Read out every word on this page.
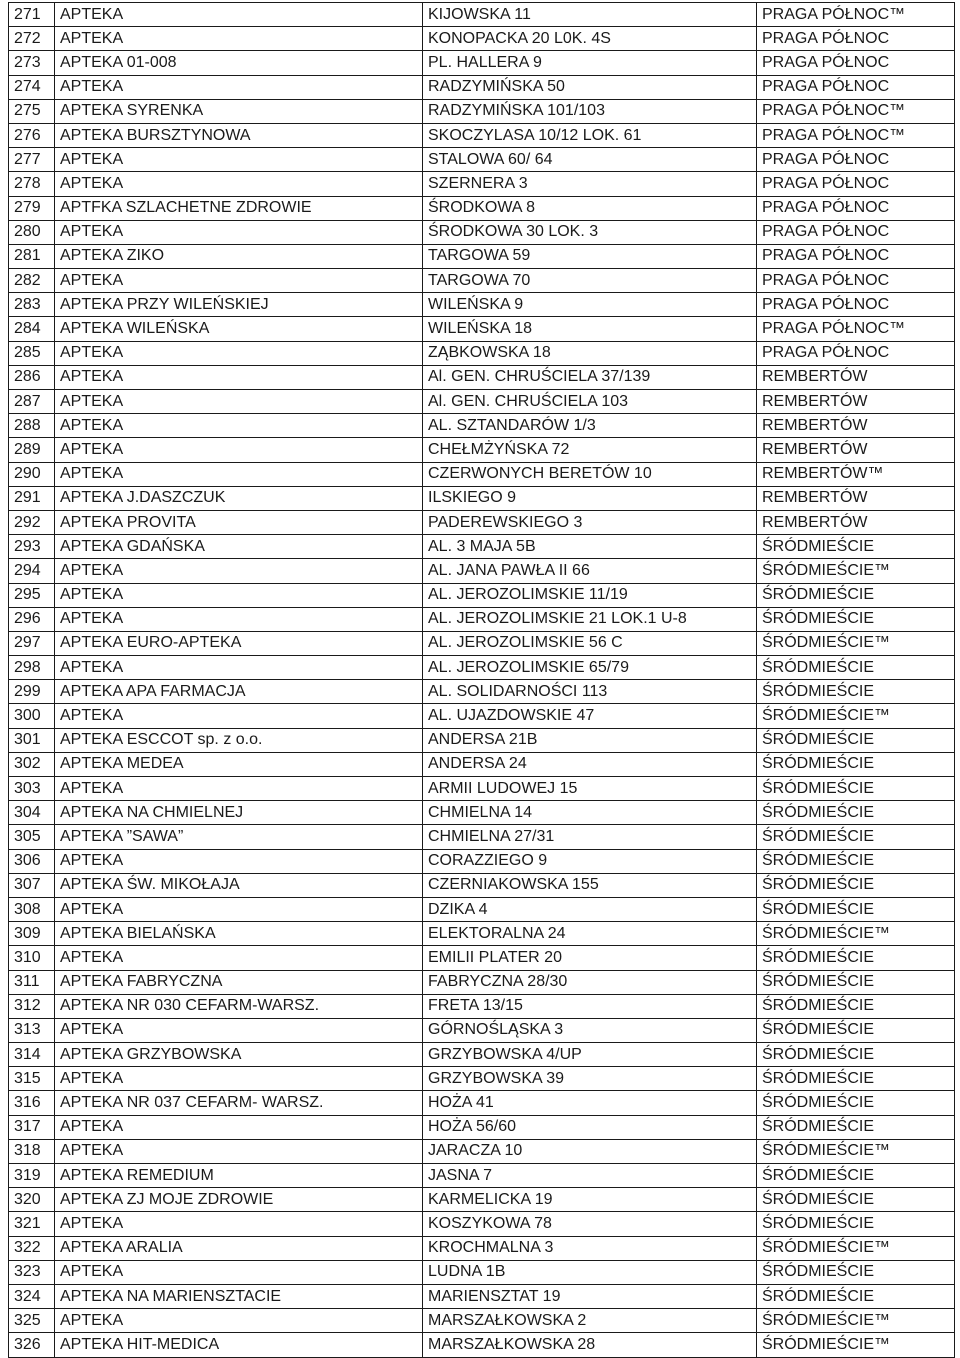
271	APTEKA	KIJOWSKA 11	PRAGA PÓŁNOC™
272	APTEKA	KONOPACKA 20 L0K. 4S	PRAGA PÓŁNOC
273	APTEKA 01-008	PL. HALLERA 9	PRAGA PÓŁNOC
274	APTEKA	RADZYMIŃSKA 50	PRAGA PÓŁNOC
275	APTEKA SYRENKA	RADZYMIŃSKA 101/103	PRAGA PÓŁNOC™
276	APTEKA BURSZTYNOWA	SKOCZYLASA 10/12 LOK. 61	PRAGA PÓŁNOC™
277	APTEKA	STALOWA 60/ 64	PRAGA PÓŁNOC
278	APTEKA	SZERNERA 3	PRAGA PÓŁNOC
279	APTFKA SZLACHETNE ZDROWIE	ŚRODKOWA 8	PRAGA PÓŁNOC
280	APTEKA	ŚRODKOWA 30 LOK. 3	PRAGA PÓŁNOC
281	APTEKA ZIKO	TARGOWA 59	PRAGA PÓŁNOC
282	APTEKA	TARGOWA 70	PRAGA PÓŁNOC
283	APTEKA PRZY WILEŃSKIEJ	WILEŃSKA 9	PRAGA PÓŁNOC
284	APTEKA WILEŃSKA	WILEŃSKA 18	PRAGA PÓŁNOC™
285	APTEKA	ZĄBKOWSKA 18	PRAGA PÓŁNOC
286	APTEKA	Al. GEN. CHRUŚCIELA 37/139	REMBERTÓW
287	APTEKA	Al. GEN. CHRUŚCIELA 103	REMBERTÓW
288	APTEKA	AL. SZTANDARÓW 1/3	REMBERTÓW
289	APTEKA	CHEŁMŻYŃSKA 72	REMBERTÓW
290	APTEKA	CZERWONYCH BERETÓW 10	REMBERTÓW™
291	APTEKA J.DASZCZUK	ILSKIEGO 9	REMBERTÓW
292	APTEKA PROVITA	PADEREWSKIEGO 3	REMBERTÓW
293	APTEKA GDAŃSKA	AL. 3 MAJA 5B	ŚRÓDMIEŚCIE
294	APTEKA	AL. JANA PAWŁA II 66	ŚRÓDMIEŚCIE™
295	APTEKA	AL. JEROZOLIMSKIE 11/19	ŚRÓDMIEŚCIE
296	APTEKA	AL. JEROZOLIMSKIE 21 LOK.1 U-8	ŚRÓDMIEŚCIE
297	APTEKA EURO-APTEKA	AL. JEROZOLIMSKIE 56 C	ŚRÓDMIEŚCIE™
298	APTEKA	AL. JEROZOLIMSKIE 65/79	ŚRÓDMIEŚCIE
299	APTEKA APA FARMACJA	AL. SOLIDARNOŚCI 113	ŚRÓDMIEŚCIE
300	APTEKA	AL. UJAZDOWSKIE 47	ŚRÓDMIEŚCIE™
301	APTEKA ESCCOT sp. z o.o.	ANDERSA 21B	ŚRÓDMIEŚCIE
302	APTEKA MEDEA	ANDERSA 24	ŚRÓDMIEŚCIE
303	APTEKA	ARMII LUDOWEJ 15	ŚRÓDMIEŚCIE
304	APTEKA NA CHMIELNEJ	CHMIELNA 14	ŚRÓDMIEŚCIE
305	APTEKA ”SAWA”	CHMIELNA 27/31	ŚRÓDMIEŚCIE
306	APTEKA	CORAZZIEGO 9	ŚRÓDMIEŚCIE
307	APTEKA ŚW. MIKOŁAJA	CZERNIAKOWSKA 155	ŚRÓDMIEŚCIE
308	APTEKA	DZIKA 4	ŚRÓDMIEŚCIE
309	APTEKA BIELAŃSKA	ELEKTORALNA 24	ŚRÓDMIEŚCIE™
310	APTEKA	EMILII PLATER 20	ŚRÓDMIEŚCIE
311	APTEKA FABRYCZNA	FABRYCZNA 28/30	ŚRÓDMIEŚCIE
312	APTEKA NR 030 CEFARM-WARSZ.	FRETA 13/15	ŚRÓDMIEŚCIE
313	APTEKA	GÓRNOŚLĄSKA 3	ŚRÓDMIEŚCIE
314	APTEKA GRZYBOWSKA	GRZYBOWSKA 4/UP	ŚRÓDMIEŚCIE
315	APTEKA	GRZYBOWSKA 39	ŚRÓDMIEŚCIE
316	APTEKA NR 037 CEFARM- WARSZ.	HOŻA 41	ŚRÓDMIEŚCIE
317	APTEKA	HOŻA 56/60	ŚRÓDMIEŚCIE
318	APTEKA	JARACZA 10	ŚRÓDMIEŚCIE™
319	APTEKA REMEDIUM	JASNA 7	ŚRÓDMIEŚCIE
320	APTEKA ZJ MOJE ZDROWIE	KARMELICKA 19	ŚRÓDMIEŚCIE
321	APTEKA	KOSZYKOWA 78	ŚRÓDMIEŚCIE
322	APTEKA ARALIA	KROCHMALNA 3	ŚRÓDMIEŚCIE™
323	APTEKA	LUDNA 1B	ŚRÓDMIEŚCIE
324	APTEKA NA MARIENSZTACIE	MARIENSZTAT 19	ŚRÓDMIEŚCIE
325	APTEKA	MARSZAŁKOWSKA 2	ŚRÓDMIEŚCIE™
326	APTEKA HIT-MEDICA	MARSZAŁKOWSKA 28	ŚRÓDMIEŚCIE™
